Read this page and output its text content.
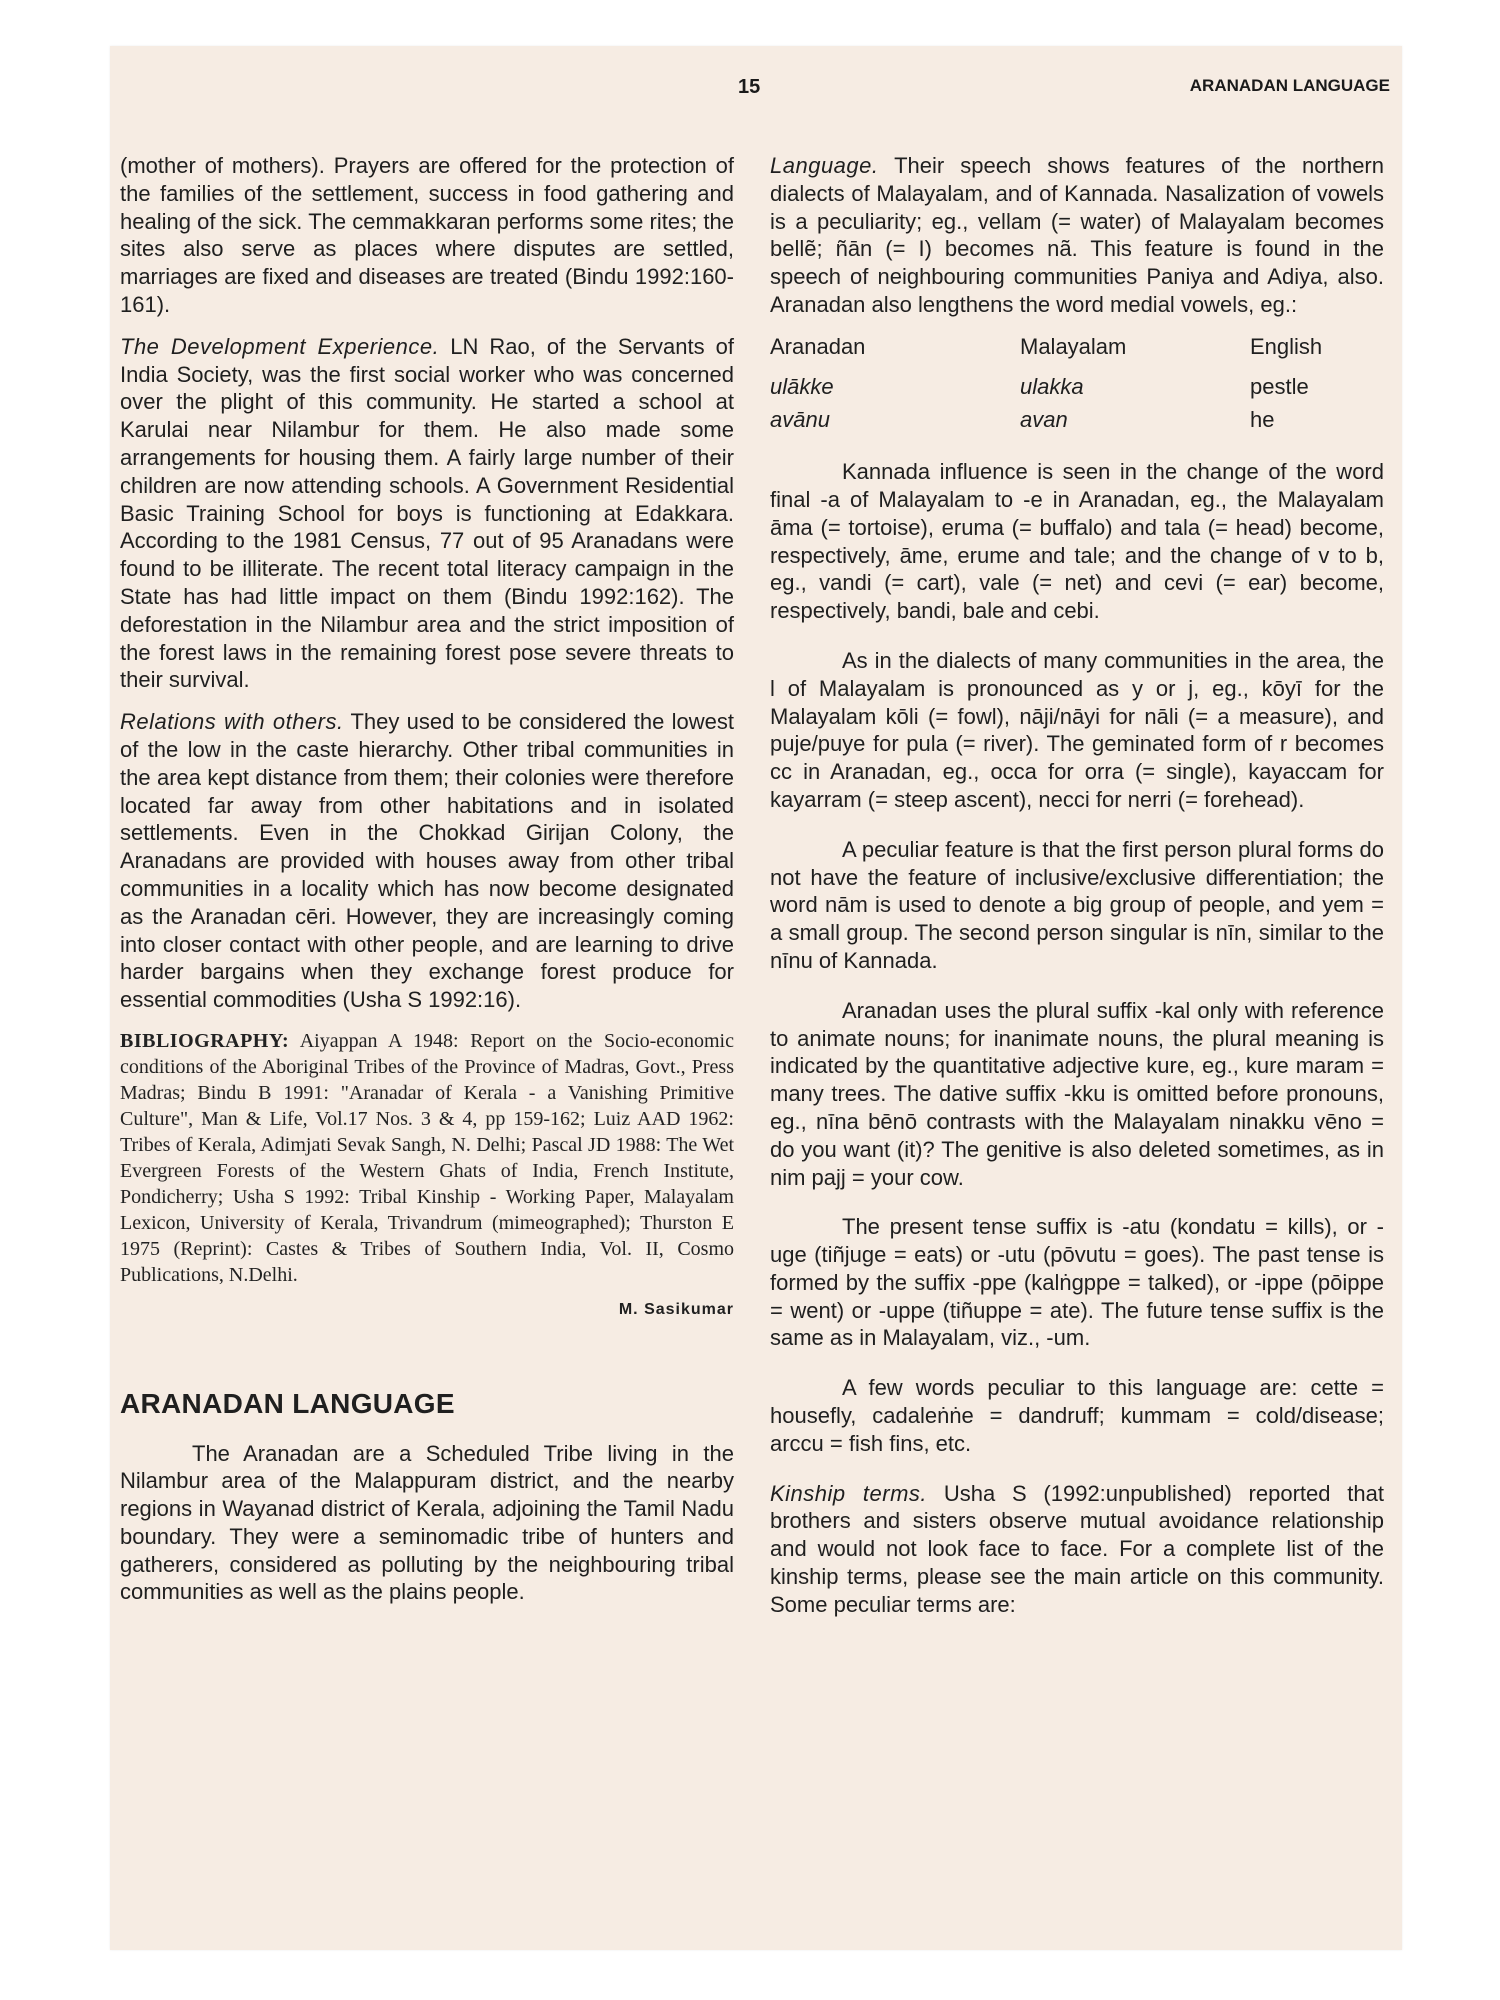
15	ARANADAN LANGUAGE

(mother of mothers). Prayers are offered for the protection of the families of the settlement, success in food gathering and healing of the sick. The cemmakkaran performs some rites; the sites also serve as places where disputes are settled, marriages are fixed and diseases are treated (Bindu 1992:160-161).

The Development Experience. LN Rao, of the Servants of India Society, was the first social worker who was concerned over the plight of this community. He started a school at Karulai near Nilambur for them. He also made some arrangements for housing them. A fairly large number of their children are now attending schools. A Government Residential Basic Training School for boys is functioning at Edakkara. According to the 1981 Census, 77 out of 95 Aranadans were found to be illiterate. The recent total literacy campaign in the State has had little impact on them (Bindu 1992:162). The deforestation in the Nilambur area and the strict imposition of the forest laws in the remaining forest pose severe threats to their survival.

Relations with others. They used to be considered the lowest of the low in the caste hierarchy. Other tribal communities in the area kept distance from them; their colonies were therefore located far away from other habitations and in isolated settlements. Even in the Chokkad Girijan Colony, the Aranadans are provided with houses away from other tribal communities in a locality which has now become designated as the Aranadan cēri. However, they are increasingly coming into closer contact with other people, and are learning to drive harder bargains when they exchange forest produce for essential commodities (Usha S 1992:16).

BIBLIOGRAPHY: Aiyappan A 1948: Report on the Socio-economic conditions of the Aboriginal Tribes of the Province of Madras, Govt., Press Madras; Bindu B 1991: "Aranadar of Kerala - a Vanishing Primitive Culture", Man & Life, Vol.17 Nos. 3 & 4, pp 159-162; Luiz AAD 1962: Tribes of Kerala, Adimjati Sevak Sangh, N. Delhi; Pascal JD 1988: The Wet Evergreen Forests of the Western Ghats of India, French Institute, Pondicherry; Usha S 1992: Tribal Kinship - Working Paper, Malayalam Lexicon, University of Kerala, Trivandrum (mimeographed); Thurston E 1975 (Reprint): Castes & Tribes of Southern India, Vol. II, Cosmo Publications, N.Delhi.

M. Sasikumar
ARANADAN LANGUAGE

The Aranadan are a Scheduled Tribe living in the Nilambur area of the Malappuram district, and the nearby regions in Wayanad district of Kerala, adjoining the Tamil Nadu boundary. They were a seminomadic tribe of hunters and gatherers, considered as polluting by the neighbouring tribal communities as well as the plains people.

Language. Their speech shows features of the northern dialects of Malayalam, and of Kannada. Nasalization of vowels is a peculiarity; eg., vellam (= water) of Malayalam becomes bellẽ; ñān (= I) becomes nã. This feature is found in the speech of neighbouring communities Paniya and Adiya, also. Aranadan also lengthens the word medial vowels, eg.:

Aranadan	Malayalam	English
ulākke	ulakka	pestle
avānu	avan	he

Kannada influence is seen in the change of the word final -a of Malayalam to -e in Aranadan, eg., the Malayalam āma (= tortoise), eruma (= buffalo) and tala (= head) become, respectively, āme, erume and tale; and the change of v to b, eg., vandi (= cart), vale (= net) and cevi (= ear) become, respectively, bandi, bale and cebi.

As in the dialects of many communities in the area, the l of Malayalam is pronounced as y or j, eg., kōyī for the Malayalam kōli (= fowl), nāji/nāyi for nāli (= a measure), and puje/puye for pula (= river). The geminated form of r becomes cc in Aranadan, eg., occa for orra (= single), kayaccam for kayarram (= steep ascent), necci for nerri (= forehead).

A peculiar feature is that the first person plural forms do not have the feature of inclusive/exclusive differentiation; the word nām is used to denote a big group of people, and yem = a small group. The second person singular is nīn, similar to the nīnu of Kannada.

Aranadan uses the plural suffix -kal only with reference to animate nouns; for inanimate nouns, the plural meaning is indicated by the quantitative adjective kure, eg., kure maram = many trees. The dative suffix -kku is omitted before pronouns, eg., nīna bēnō contrasts with the Malayalam ninakku vēno = do you want (it)? The genitive is also deleted sometimes, as in nim pajj = your cow.

The present tense suffix is -atu (kondatu = kills), or -uge (tiñjuge = eats) or -utu (pōvutu = goes). The past tense is formed by the suffix -ppe (kalṅgppe = talked), or -ippe (pōippe = went) or -uppe (tiñuppe = ate). The future tense suffix is the same as in Malayalam, viz., -um.

A few words peculiar to this language are: cette = housefly, cadaleṅṅe = dandruff; kummam = cold/disease; arccu = fish fins, etc.

Kinship terms. Usha S (1992:unpublished) reported that brothers and sisters observe mutual avoidance relationship and would not look face to face. For a complete list of the kinship terms, please see the main article on this community. Some peculiar terms are:
